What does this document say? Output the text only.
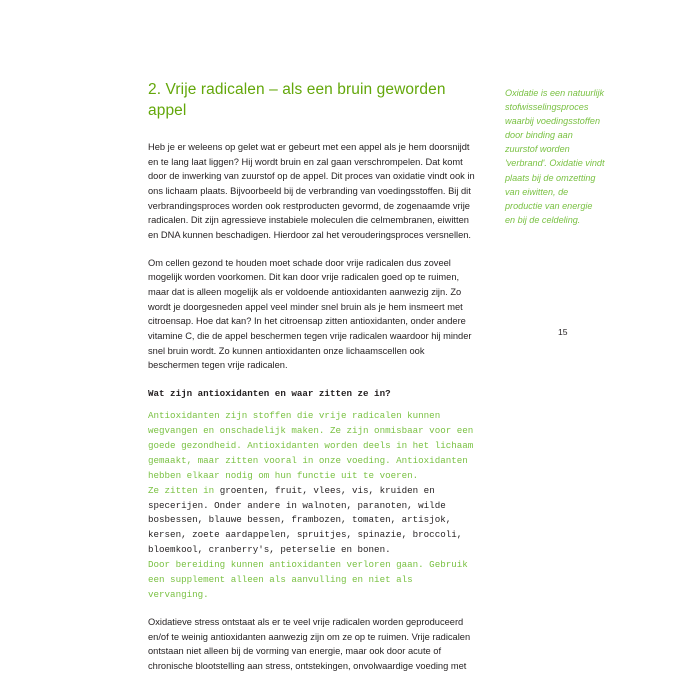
2. Vrije radicalen – als een bruin geworden appel

Heb je er weleens op gelet wat er gebeurt met een appel als je hem doorsnijdt en te lang laat liggen? Hij wordt bruin en zal gaan verschrompelen. Dat komt door de inwerking van zuurstof op de appel. Dit proces van oxidatie vindt ook in ons lichaam plaats. Bijvoorbeeld bij de verbranding van voedingsstoffen. Bij dit verbrandingsproces worden ook restproducten gevormd, de zogenaamde vrije radicalen. Dit zijn agressieve instabiele moleculen die celmembranen, eiwitten en DNA kunnen beschadigen. Hierdoor zal het verouderingsproces versnellen.

Om cellen gezond te houden moet schade door vrije radicalen dus zoveel mogelijk worden voorkomen. Dit kan door vrije radicalen goed op te ruimen, maar dat is alleen mogelijk als er voldoende antioxidanten aanwezig zijn. Zo wordt je doorgesneden appel veel minder snel bruin als je hem insmeert met citroensap. Hoe dat kan? In het citroensap zitten antioxidanten, onder andere vitamine C, die de appel beschermen tegen vrije radicalen waardoor hij minder snel bruin wordt. Zo kunnen antioxidanten onze lichaamscellen ook beschermen tegen vrije radicalen.

Wat zijn antioxidanten en waar zitten ze in?

Antioxidanten zijn stoffen die vrije radicalen kunnen wegvangen en onschadelijk maken. Ze zijn onmisbaar voor een goede gezondheid. Antioxidanten worden deels in het lichaam gemaakt, maar zitten vooral in onze voeding. Antioxidanten hebben elkaar nodig om hun functie uit te voeren.

Ze zitten in groenten, fruit, vlees, vis, kruiden en specerijen. Onder andere in walnoten, paranoten, wilde bosbessen, blauwe bessen, frambozen, tomaten, artisjok, kersen, zoete aardappelen, spruitjes, spinazie, broccoli, bloemkool, cranberry's, peterselie en bonen.

Door bereiding kunnen antioxidanten verloren gaan. Gebruik een supplement alleen als aanvulling en niet als vervanging.

Oxidatieve stress ontstaat als er te veel vrije radicalen worden geproduceerd en/of te weinig antioxidanten aanwezig zijn om ze op te ruimen. Vrije radicalen ontstaan niet alleen bij de vorming van energie, maar ook door acute of chronische blootstelling aan stress, ontstekingen, onvolwaardige voeding met

Oxidatie is een natuurlijk stofwisselingsproces waarbij voedingsstoffen door binding aan zuurstof worden 'verbrand'. Oxidatie vindt plaats bij de omzetting van eiwitten, de productie van energie en bij de celdeling.

15
